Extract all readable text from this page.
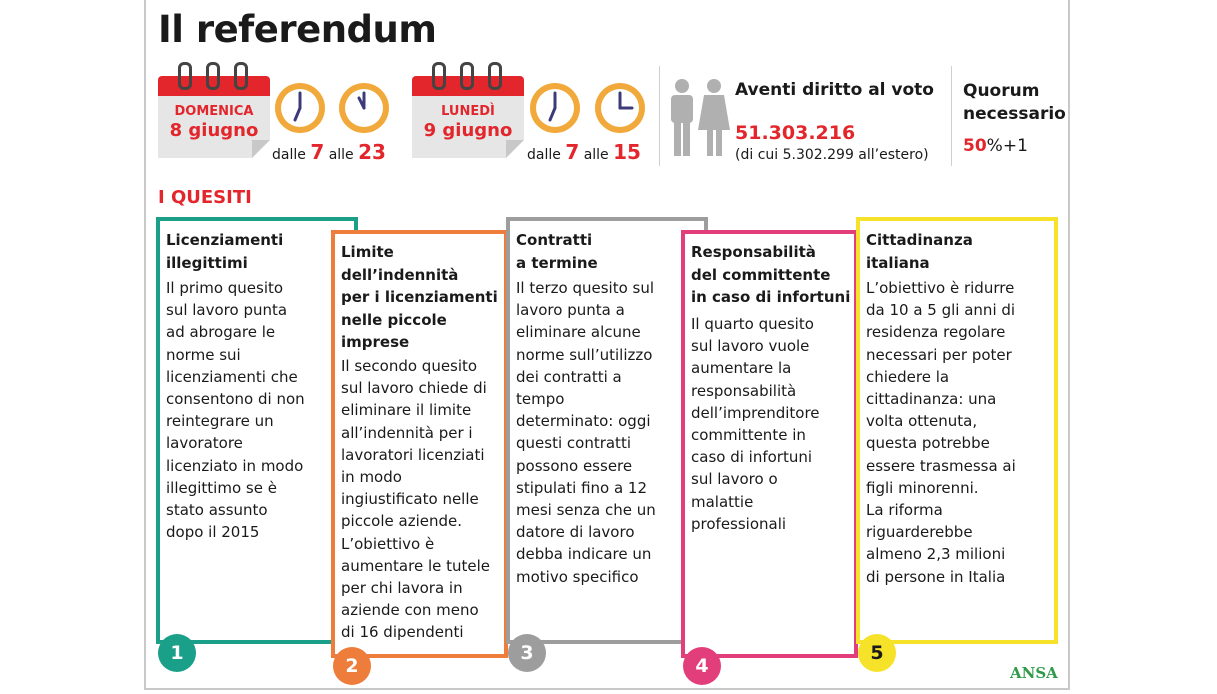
Il referendum
DOMENICA
8 giugno
dalle 7 alle 23
LUNEDÌ
9 giugno
dalle 7 alle 15
Aventi diritto al voto
51.303.216
(di cui 5.302.299 all’estero)
Quorum
necessario
50%+1
I QUESITI
Licenziamenti
illegittimi
Il primo quesito
sul lavoro punta
ad abrogare le
norme sui
licenziamenti che
consentono di non
reintegrare un
lavoratore
licenziato in modo
illegittimo se è
stato assunto
dopo il 2015
1
Limite
dell’indennità
per i licenziamenti
nelle piccole
imprese
Il secondo quesito
sul lavoro chiede di
eliminare il limite
all’indennità per i
lavoratori licenziati
in modo
ingiustificato nelle
piccole aziende.
L’obiettivo è
aumentare le tutele
per chi lavora in
aziende con meno
di 16 dipendenti
2
Contratti
a termine
Il terzo quesito sul
lavoro punta a
eliminare alcune
norme sull’utilizzo
dei contratti a
tempo
determinato: oggi
questi contratti
possono essere
stipulati fino a 12
mesi senza che un
datore di lavoro
debba indicare un
motivo specifico
3
Responsabilità
del committente
in caso di infortuni
Il quarto quesito
sul lavoro vuole
aumentare la
responsabilità
dell’imprenditore
committente in
caso di infortuni
sul lavoro o
malattie
professionali
4
Cittadinanza
italiana
L’obiettivo è ridurre
da 10 a 5 gli anni di
residenza regolare
necessari per poter
chiedere la
cittadinanza: una
volta ottenuta,
questa potrebbe
essere trasmessa ai
figli minorenni.
La riforma
riguarderebbe
almeno 2,3 milioni
di persone in Italia
5
ANSA
